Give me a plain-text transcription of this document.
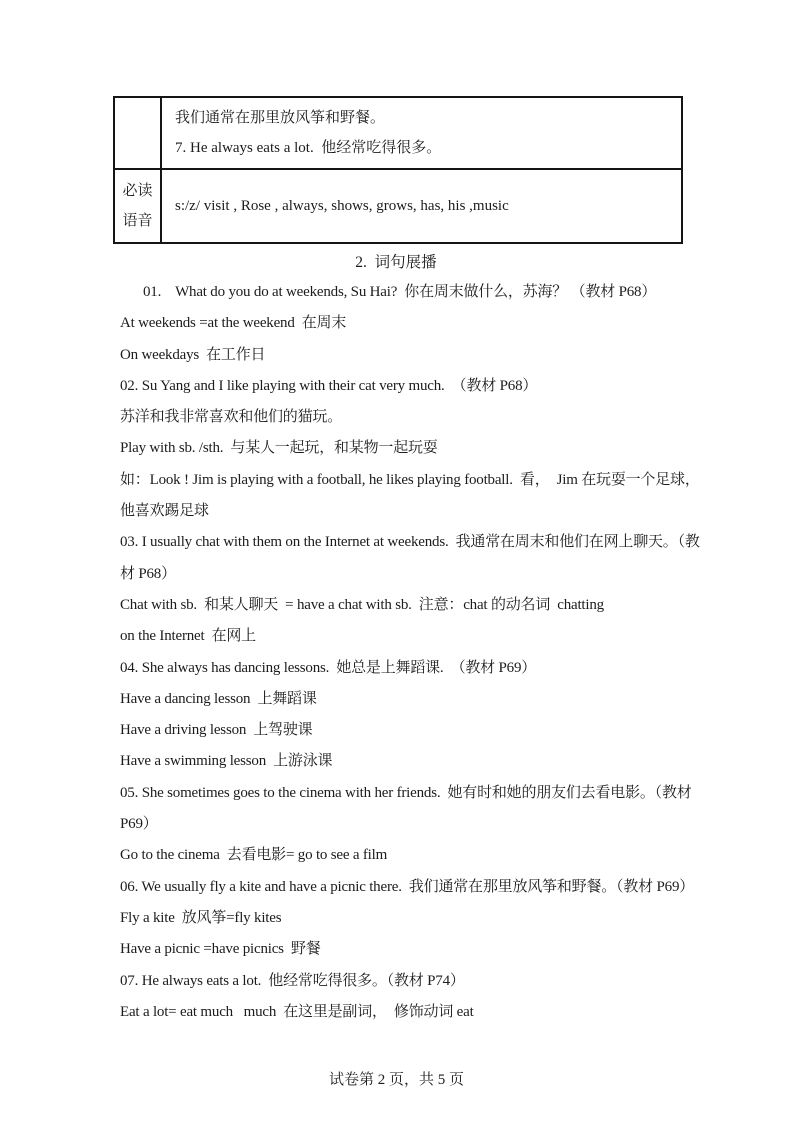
我们通常在那里放风筝和野餐。
7. He always eats a lot.  他经常吃得很多。
必读
语音
s:/z/ visit , Rose , always, shows, grows, has, his ,music
2.  词句展播
01.    What do you do at weekends, Su Hai?  你在周末做什么，苏海？ （教材 P68）
At weekends =at the weekend  在周末
On weekdays  在工作日
02. Su Yang and I like playing with their cat very much.  （教材 P68）
苏洋和我非常喜欢和他们的猫玩。
Play with sb. /sth.  与某人一起玩，和某物一起玩耍
如：Look ! Jim is playing with a football, he likes playing football.  看，  Jim 在玩耍一个足球，
他喜欢踢足球
03. I usually chat with them on the Internet at weekends.  我通常在周末和他们在网上聊天。（教
材 P68）
Chat with sb.  和某人聊天  = have a chat with sb.  注意：chat 的动名词  chatting
on the Internet  在网上
04. She always has dancing lessons.  她总是上舞蹈课.  （教材 P69）
Have a dancing lesson  上舞蹈课
Have a driving lesson  上驾驶课
Have a swimming lesson  上游泳课
05. She sometimes goes to the cinema with her friends.  她有时和她的朋友们去看电影。（教材
P69）
Go to the cinema  去看电影= go to see a film
06. We usually fly a kite and have a picnic there.  我们通常在那里放风筝和野餐。（教材 P69）
Fly a kite  放风筝=fly kites
Have a picnic =have picnics  野餐
07. He always eats a lot.  他经常吃得很多。（教材 P74）
Eat a lot= eat much   much  在这里是副词，  修饰动词 eat
试卷第 2 页，共 5 页
